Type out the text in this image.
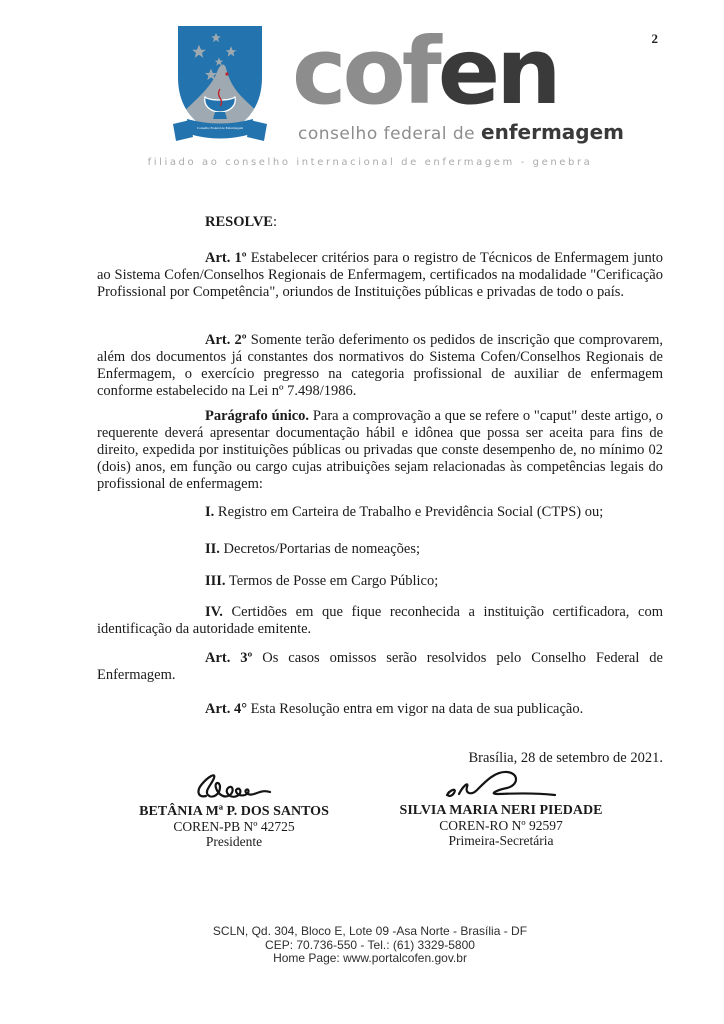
2
Conselho Federal de Enfermagem
cofen
conselho federal de enfermagem
filiado ao conselho internacional de enfermagem - genebra

RESOLVE:

Art. 1º Estabelecer critérios para o registro de Técnicos de Enfermagem junto ao Sistema Cofen/Conselhos Regionais de Enfermagem, certificados na modalidade "Cerificação Profissional por Competência", oriundos de Instituições públicas e privadas de todo o país.

Art. 2º Somente terão deferimento os pedidos de inscrição que comprovarem, além dos documentos já constantes dos normativos do Sistema Cofen/Conselhos Regionais de Enfermagem, o exercício pregresso na categoria profissional de auxiliar de enfermagem conforme estabelecido na Lei nº 7.498/1986.

Parágrafo único. Para a comprovação a que se refere o "caput" deste artigo, o requerente deverá apresentar documentação hábil e idônea que possa ser aceita para fins de direito, expedida por instituições públicas ou privadas que conste desempenho de, no mínimo 02 (dois) anos, em função ou cargo cujas atribuições sejam relacionadas às competências legais do profissional de enfermagem:

I. Registro em Carteira de Trabalho e Previdência Social (CTPS) ou;

II. Decretos/Portarias de nomeações;

III. Termos de Posse em Cargo Público;

IV. Certidões em que fique reconhecida a instituição certificadora, com identificação da autoridade emitente.

Art. 3º Os casos omissos serão resolvidos pelo Conselho Federal de Enfermagem.

Art. 4° Esta Resolução entra em vigor na data de sua publicação.

Brasília, 28 de setembro de 2021.

BETÂNIA Mª P. DOS SANTOS
COREN-PB Nº 42725
Presidente
SILVIA MARIA NERI PIEDADE
COREN-RO Nº 92597
Primeira-Secretária
SCLN, Qd. 304, Bloco E, Lote 09 -Asa Norte - Brasília - DF
CEP: 70.736-550 - Tel.: (61) 3329-5800
Home Page: www.portalcofen.gov.br
